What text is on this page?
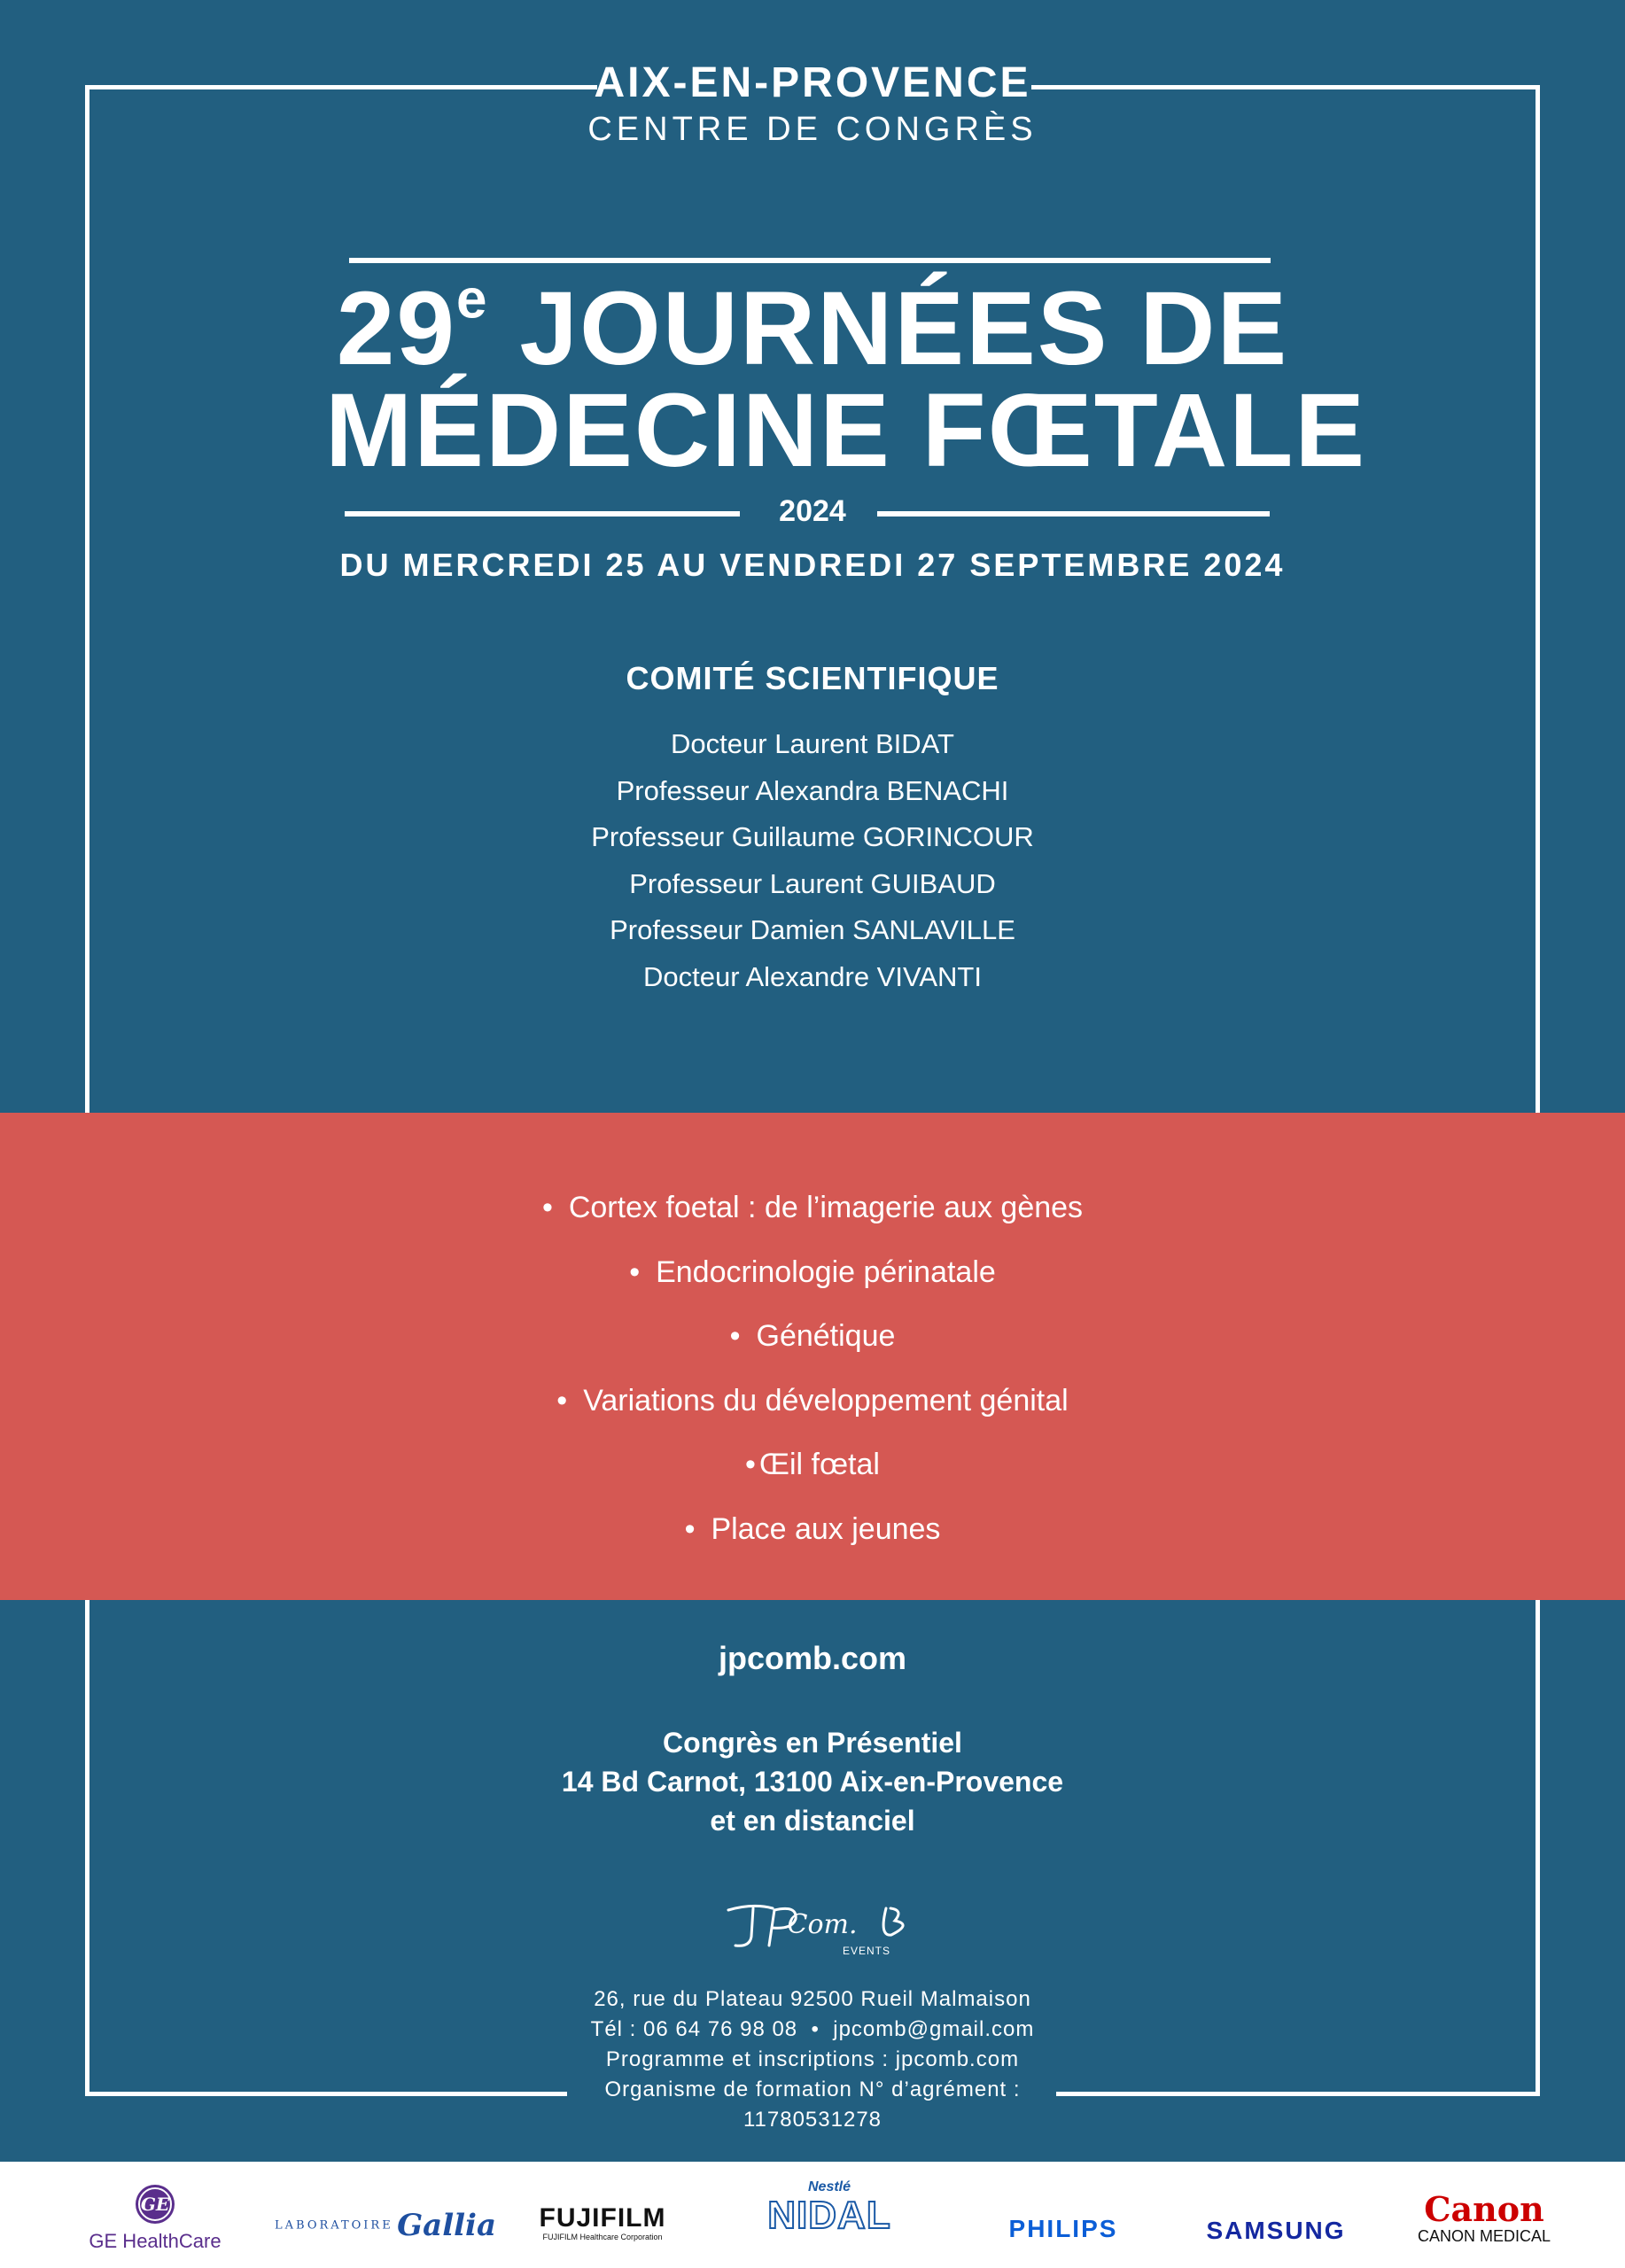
AIX-EN-PROVENCE
CENTRE DE CONGRÈS
29e JOURNÉES DE
MÉDECINE FŒTALE
2024
DU MERCREDI 25 AU VENDREDI 27 SEPTEMBRE 2024
COMITÉ SCIENTIFIQUE
Docteur Laurent BIDAT
Professeur Alexandra BENACHI
Professeur Guillaume GORINCOUR
Professeur Laurent GUIBAUD
Professeur Damien SANLAVILLE
Docteur Alexandre VIVANTI
• Cortex foetal : de l’imagerie aux gènes
• Endocrinologie périnatale
• Génétique
• Variations du développement génital
• Œil fœtal
• Place aux jeunes
jpcomb.com
Congrès en Présentiel
14 Bd Carnot, 13100 Aix-en-Provence
et en distanciel
Com.
EVENTS
26, rue du Plateau 92500 Rueil Malmaison
Tél : 06 64 76 98 08 • jpcomb@gmail.com
Programme et inscriptions : jpcomb.com
Organisme de formation N° d’agrément :
11780531278
GE
GE HealthCare
LABORATOIRE Gallia	FUJIFILM
FUJIFILM Healthcare Corporation
Nestlé
NIDAL	PHILIPS	SAMSUNG
Canon
CANON MEDICAL
